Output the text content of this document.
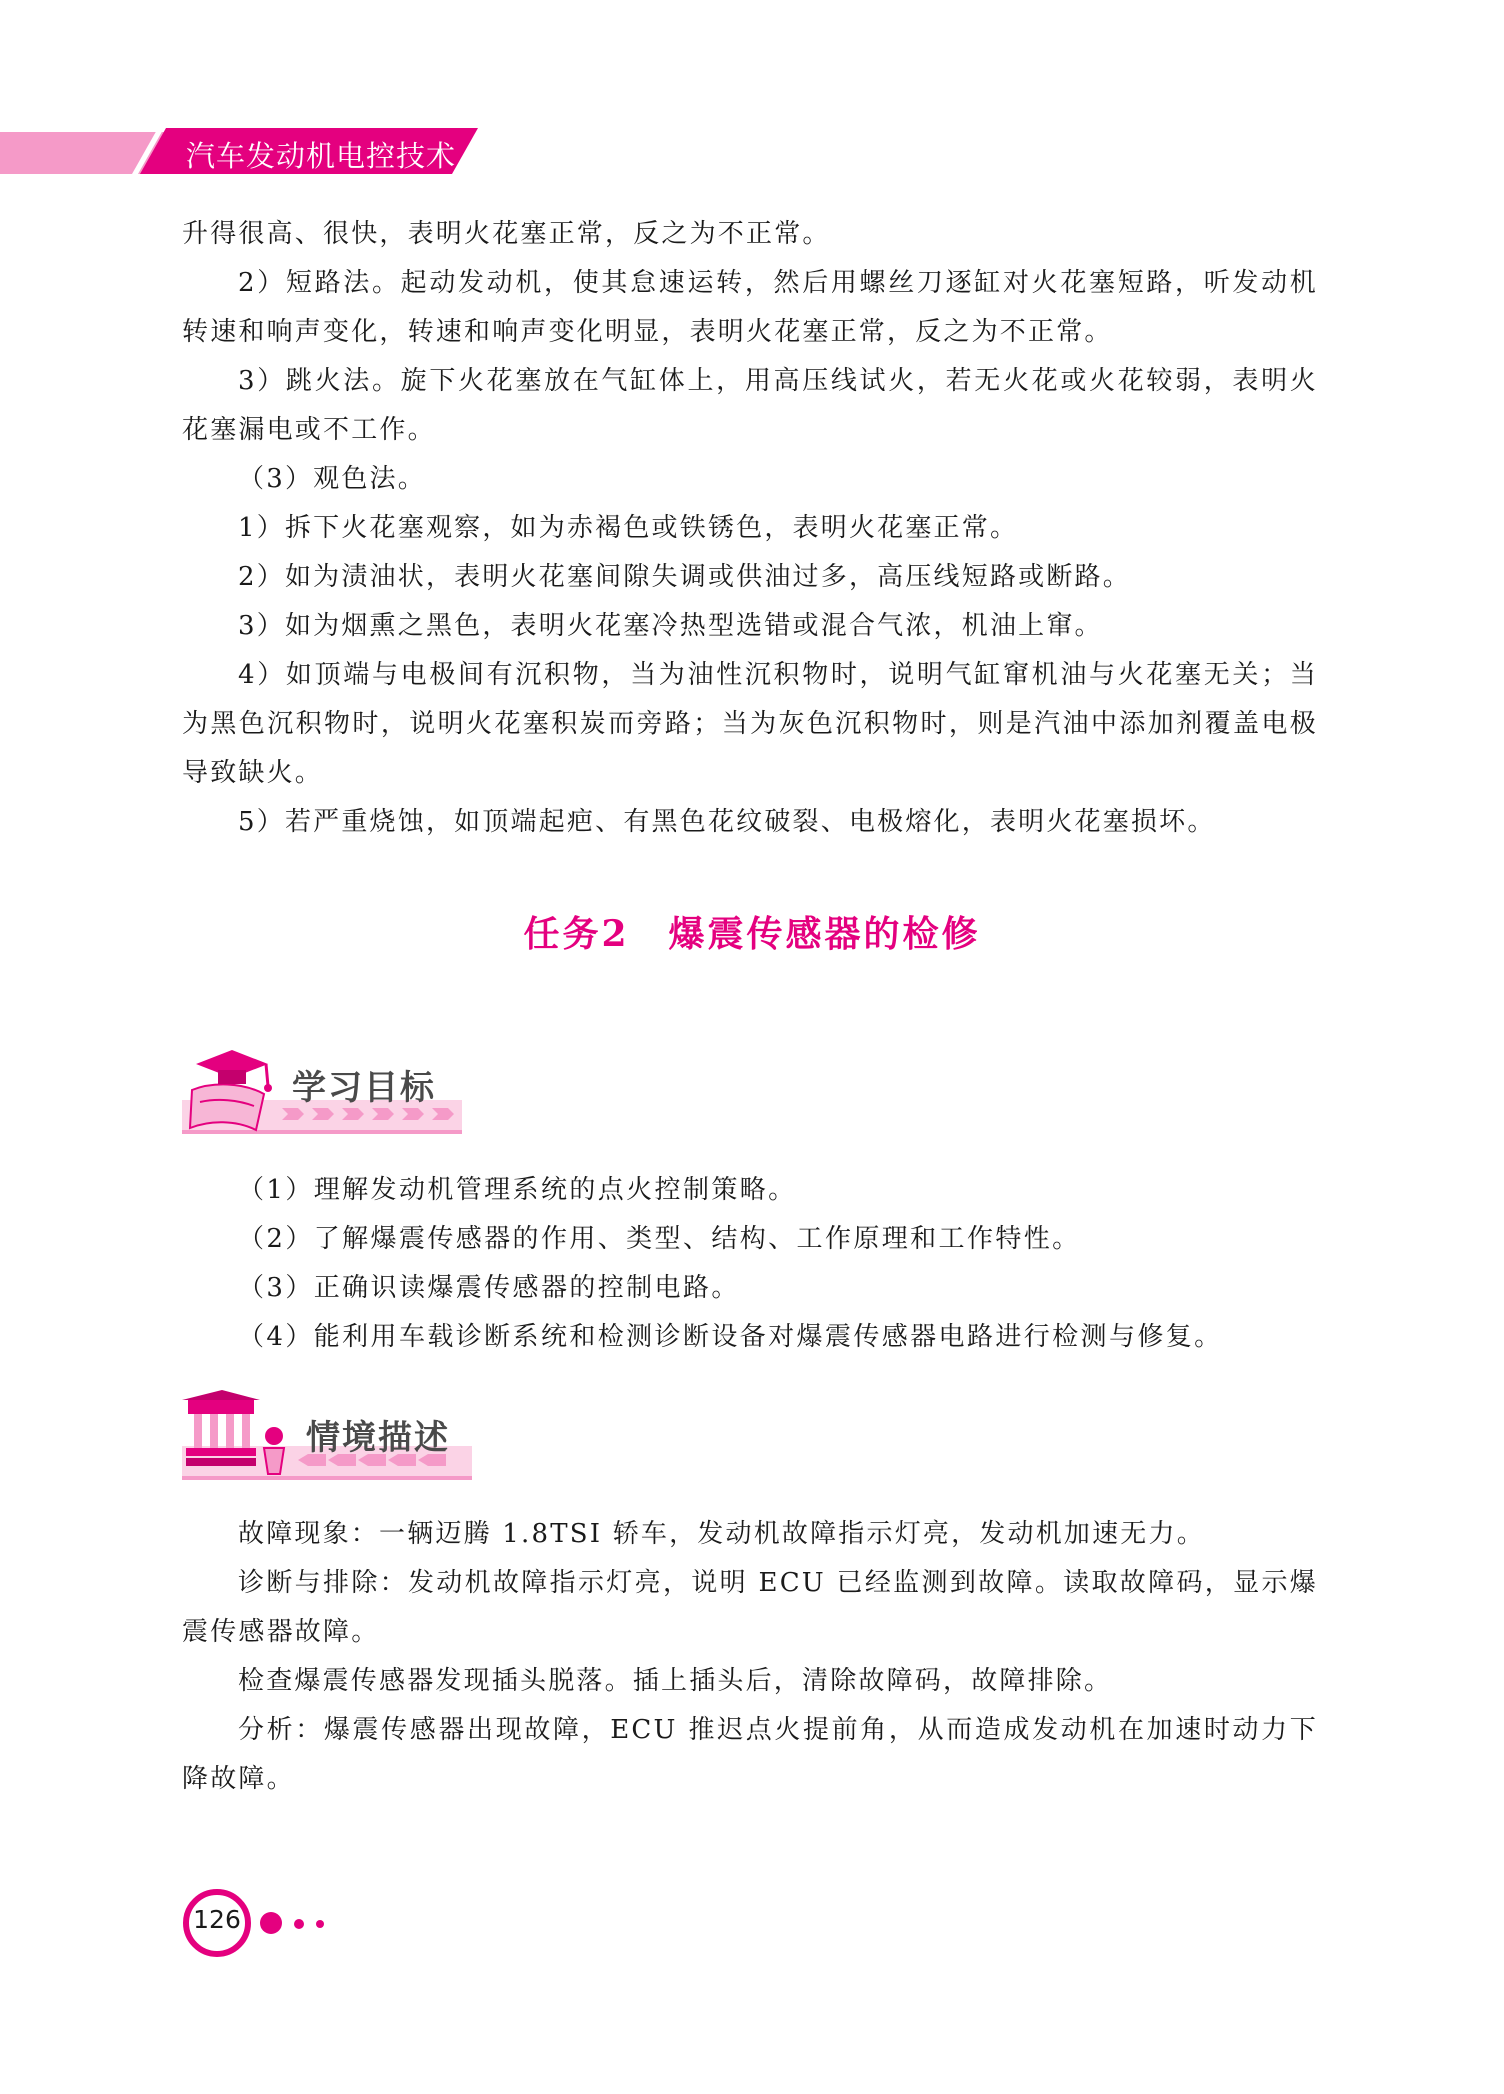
汽车发动机电控技术

升得很高、很快，表明火花塞正常，反之为不正常。

2）短路法。起动发动机，使其怠速运转，然后用螺丝刀逐缸对火花塞短路，听发动机转速和响声变化，转速和响声变化明显，表明火花塞正常，反之为不正常。

3）跳火法。旋下火花塞放在气缸体上，用高压线试火，若无火花或火花较弱，表明火花塞漏电或不工作。

（3）观色法。

1）拆下火花塞观察，如为赤褐色或铁锈色，表明火花塞正常。

2）如为渍油状，表明火花塞间隙失调或供油过多，高压线短路或断路。

3）如为烟熏之黑色，表明火花塞冷热型选错或混合气浓，机油上窜。

4）如顶端与电极间有沉积物，当为油性沉积物时，说明气缸窜机油与火花塞无关；当为黑色沉积物时，说明火花塞积炭而旁路；当为灰色沉积物时，则是汽油中添加剂覆盖电极导致缺火。

5）若严重烧蚀，如顶端起疤、有黑色花纹破裂、电极熔化，表明火花塞损坏。

任务2　爆震传感器的检修
学习目标

（1）理解发动机管理系统的点火控制策略。

（2）了解爆震传感器的作用、类型、结构、工作原理和工作特性。

（3）正确识读爆震传感器的控制电路。

（4）能利用车载诊断系统和检测诊断设备对爆震传感器电路进行检测与修复。

情境描述

故障现象：一辆迈腾 1.8TSI 轿车，发动机故障指示灯亮，发动机加速无力。

诊断与排除：发动机故障指示灯亮，说明 ECU 已经监测到故障。读取故障码，显示爆震传感器故障。

检查爆震传感器发现插头脱落。插上插头后，清除故障码，故障排除。

分析：爆震传感器出现故障，ECU 推迟点火提前角，从而造成发动机在加速时动力下降故障。

126
